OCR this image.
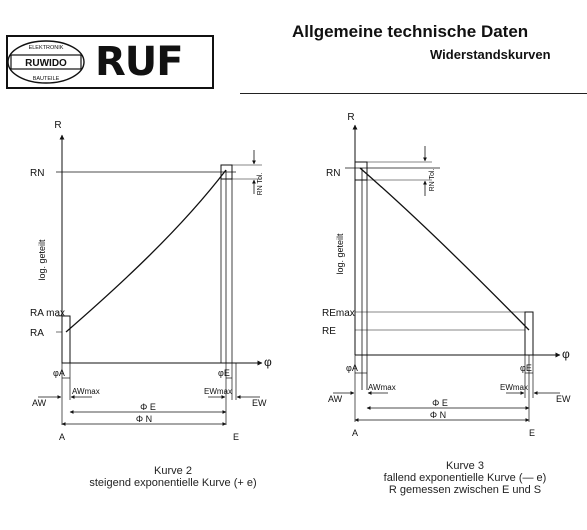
RUWIDO
ELEKTRONIK
BAUTEILE RUF
Allgemeine technische Daten
Widerstandskurven
R
RN	RN Tol.
RA max
RA
log. geteilt
φ
φA	φE
AW
AWmax	EWmax
EW
Φ E
Φ N
A	E
R
RN	RN Tol.
REmax
RE
log. geteilt
φ
φA	φE
AW
AWmax	EWmax
EW
Φ E
Φ N
A	E
Kurve 2
steigend exponentielle Kurve (+ e)
Kurve 3
fallend exponentielle Kurve (— e)
R gemessen zwischen E und S
